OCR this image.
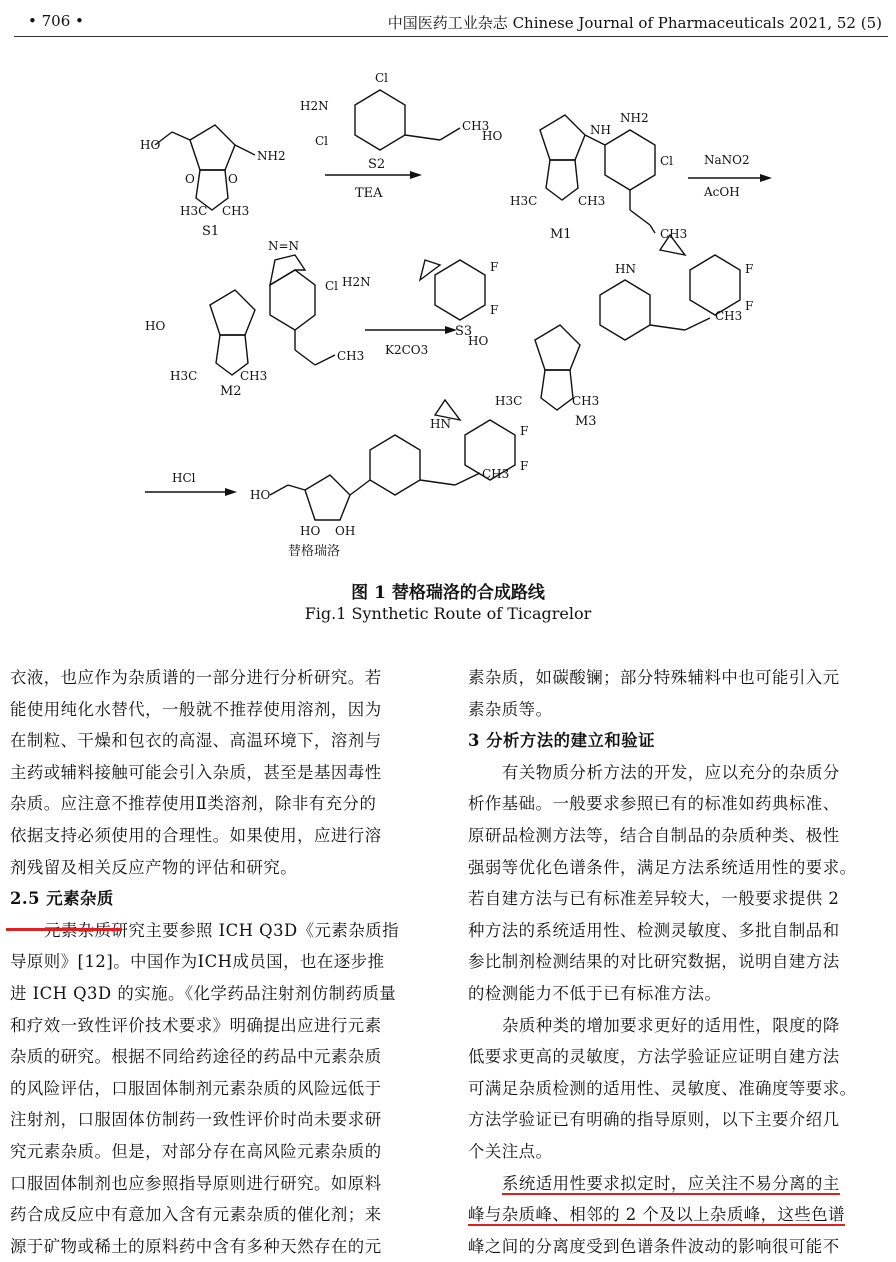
• 706 •	中国医药工业杂志 Chinese Journal of Pharmaceuticals 2021, 52 (5)
HO
NH2
O	O
H3C CH3
S1
H2N
Cl
Cl
CH3
S2
TEA
HO	NH
NH2
Cl
H3C	CH3
CH3
M1
NaNO2
AcOH
HO
N=N
Cl
H3C	CH3
CH3
M2
H2N
F
F
S3
K2CO3
HO
HN	F
F
CH3
H3C	CH3
M3
HCl
HO
HN	F
F
CH3
HO OH
替格瑞洛
图 1 替格瑞洛的合成路线
Fig.1 Synthetic Route of Ticagrelor
衣液，也应作为杂质谱的一部分进行分析研究。若
能使用纯化水替代，一般就不推荐使用溶剂，因为
在制粒、干燥和包衣的高湿、高温环境下，溶剂与
主药或辅料接触可能会引入杂质，甚至是基因毒性
杂质。应注意不推荐使用Ⅱ类溶剂，除非有充分的
依据支持必须使用的合理性。如果使用，应进行溶
剂残留及相关反应产物的评估和研究。
2.5 元素杂质
元素杂质研究主要参照 ICH Q3D《元素杂质指
导原则》[12]。中国作为ICH成员国，也在逐步推
进 ICH Q3D 的实施。《化学药品注射剂仿制药质量
和疗效一致性评价技术要求》明确提出应进行元素
杂质的研究。根据不同给药途径的药品中元素杂质
的风险评估，口服固体制剂元素杂质的风险远低于
注射剂，口服固体仿制药一致性评价时尚未要求研
究元素杂质。但是，对部分存在高风险元素杂质的
口服固体制剂也应参照指导原则进行研究。如原料
药合成反应中有意加入含有元素杂质的催化剂；来
源于矿物或稀土的原料药中含有多种天然存在的元
素杂质，如碳酸镧；部分特殊辅料中也可能引入元
素杂质等。
3 分析方法的建立和验证
有关物质分析方法的开发，应以充分的杂质分
析作基础。一般要求参照已有的标准如药典标准、
原研品检测方法等，结合自制品的杂质种类、极性
强弱等优化色谱条件，满足方法系统适用性的要求。
若自建方法与已有标准差异较大，一般要求提供 2
种方法的系统适用性、检测灵敏度、多批自制品和
参比制剂检测结果的对比研究数据，说明自建方法
的检测能力不低于已有标准方法。
杂质种类的增加要求更好的适用性，限度的降
低要求更高的灵敏度，方法学验证应证明自建方法
可满足杂质检测的适用性、灵敏度、准确度等要求。
方法学验证已有明确的指导原则，以下主要介绍几
个关注点。
系统适用性要求拟定时，应关注不易分离的主
峰与杂质峰、相邻的 2 个及以上杂质峰，这些色谱
峰之间的分离度受到色谱条件波动的影响很可能不
